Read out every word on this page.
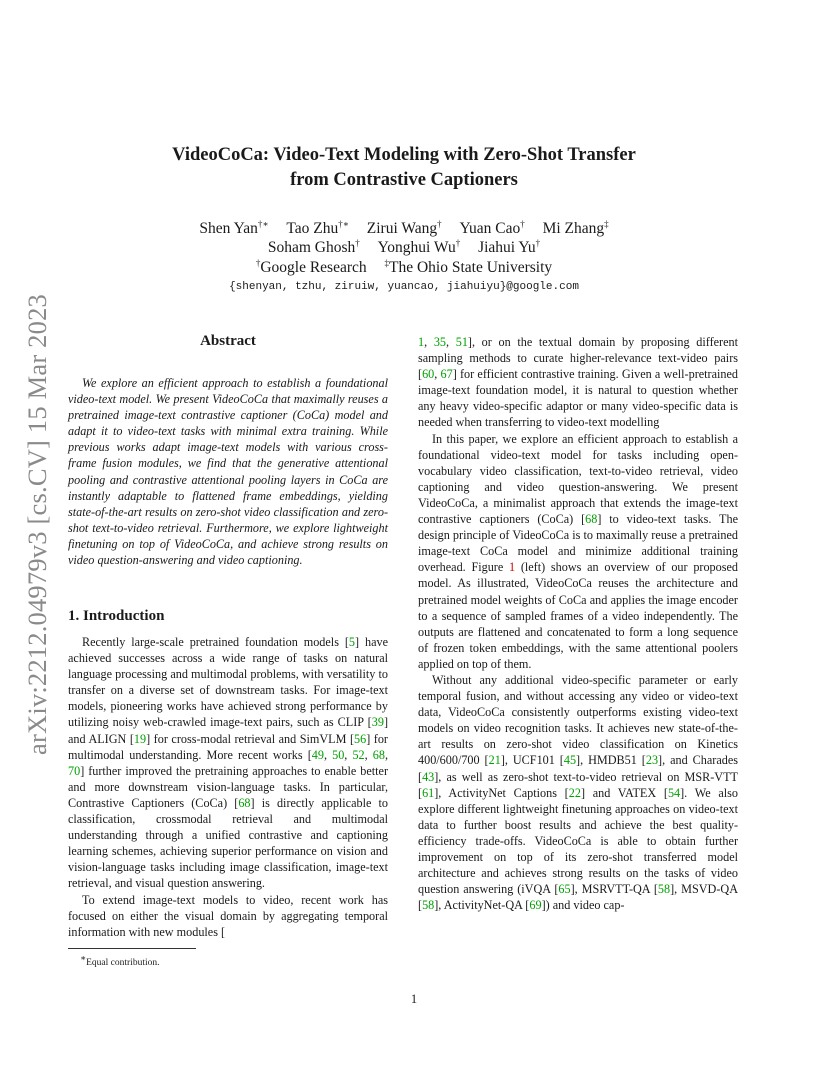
arXiv:2212.04979v3 [cs.CV] 15 Mar 2023
VideoCoCa: Video-Text Modeling with Zero-Shot Transfer
from Contrastive Captioners
Shen Yan†∗ Tao Zhu†∗ Zirui Wang† Yuan Cao† Mi Zhang‡
Soham Ghosh† Yonghui Wu† Jiahui Yu†
†Google Research ‡The Ohio State University
{shenyan, tzhu, ziruiw, yuancao, jiahuiyu}@google.com
Abstract

We explore an efficient approach to establish a foundational video-text model. We present VideoCoCa that maximally reuses a pretrained image-text contrastive captioner (CoCa) model and adapt it to video-text tasks with minimal extra training. While previous works adapt image-text models with various cross-frame fusion modules, we find that the generative attentional pooling and contrastive attentional pooling layers in CoCa are instantly adaptable to flattened frame embeddings, yielding state-of-the-art results on zero-shot video classification and zero-shot text-to-video retrieval. Furthermore, we explore lightweight finetuning on top of VideoCoCa, and achieve strong results on video question-answering and video captioning.

1. Introduction

Recently large-scale pretrained foundation models [5] have achieved successes across a wide range of tasks on natural language processing and multimodal problems, with versatility to transfer on a diverse set of downstream tasks. For image-text models, pioneering works have achieved strong performance by utilizing noisy web-crawled image-text pairs, such as CLIP [39] and ALIGN [19] for cross-modal retrieval and SimVLM [56] for multimodal understanding. More recent works [49, 50, 52, 68, 70] further improved the pretraining approaches to enable better and more downstream vision-language tasks. In particular, Contrastive Captioners (CoCa) [68] is directly applicable to classification, crossmodal retrieval and multimodal understanding through a unified contrastive and captioning learning schemes, achieving superior performance on vision and vision-language tasks including image classification, image-text retrieval, and visual question answering.

To extend image-text models to video, recent work has focused on either the visual domain by aggregating temporal information with new modules [

1, 35, 51], or on the textual domain by proposing different sampling methods to curate higher-relevance text-video pairs [60, 67] for efficient contrastive training. Given a well-pretrained image-text foundation model, it is natural to question whether any heavy video-specific adaptor or many video-specific data is needed when transferring to video-text modelling

In this paper, we explore an efficient approach to establish a foundational video-text model for tasks including open-vocabulary video classification, text-to-video retrieval, video captioning and video question-answering. We present VideoCoCa, a minimalist approach that extends the image-text contrastive captioners (CoCa) [68] to video-text tasks. The design principle of VideoCoCa is to maximally reuse a pretrained image-text CoCa model and minimize additional training overhead. Figure 1 (left) shows an overview of our proposed model. As illustrated, VideoCoCa reuses the architecture and pretrained model weights of CoCa and applies the image encoder to a sequence of sampled frames of a video independently. The outputs are flattened and concatenated to form a long sequence of frozen token embeddings, with the same attentional poolers applied on top of them.

Without any additional video-specific parameter or early temporal fusion, and without accessing any video or video-text data, VideoCoCa consistently outperforms existing video-text models on video recognition tasks. It achieves new state-of-the-art results on zero-shot video classification on Kinetics 400/600/700 [21], UCF101 [45], HMDB51 [23], and Charades [43], as well as zero-shot text-to-video retrieval on MSR-VTT [61], ActivityNet Captions [22] and VATEX [54]. We also explore different lightweight finetuning approaches on video-text data to further boost results and achieve the best quality-efficiency trade-offs. VideoCoCa is able to obtain further improvement on top of its zero-shot transferred model architecture and achieves strong results on the tasks of video question answering (iVQA [65], MSRVTT-QA [58], MSVD-QA [58], ActivityNet-QA [69]) and video cap-

∗Equal contribution.
1
